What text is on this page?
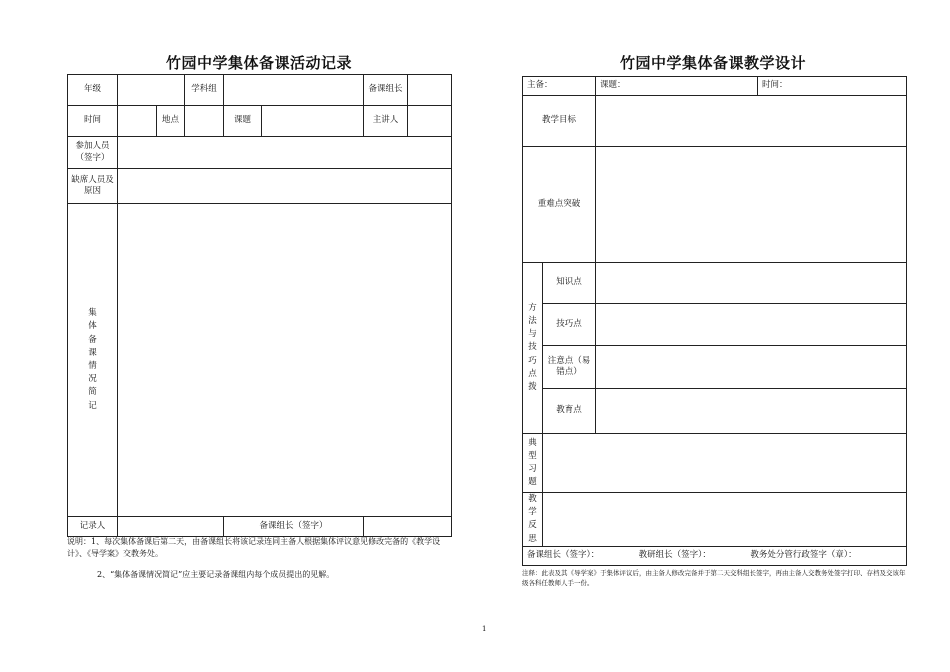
竹园中学集体备课活动记录
年级			学科组			备课组长	
时间		地点		课题		主讲人	
参加人员（签字）							
缺席人员及原因							
集体备课情况简记							
记录人				备课组长（签字）			
说明：1、每次集体备课后第二天，由备课组长将该记录连同主备人根据集体评议意见修改完备的《教学设计》、《导学案》交教务处。
2、“集体备课情况简记”应主要记录备课组内每个成员提出的见解。
竹园中学集体备课教学设计
主备：		课题：	时间：
教学目标			
重难点突破			
方法与技巧点拨	知识点		
	技巧点		
	注意点（易错点）		
	教育点		
典型习题			
教学反思			
备课组长（签字）： 教研组长（签字）： 教务处分管行政签字（章）：			
注释：此表及其《导学案》于集体评议后，由主备人修改完备并于第二天交科组长签字，再由主备人交教务处签字打印、存档及交该年级各科任教师人手一份。
1
